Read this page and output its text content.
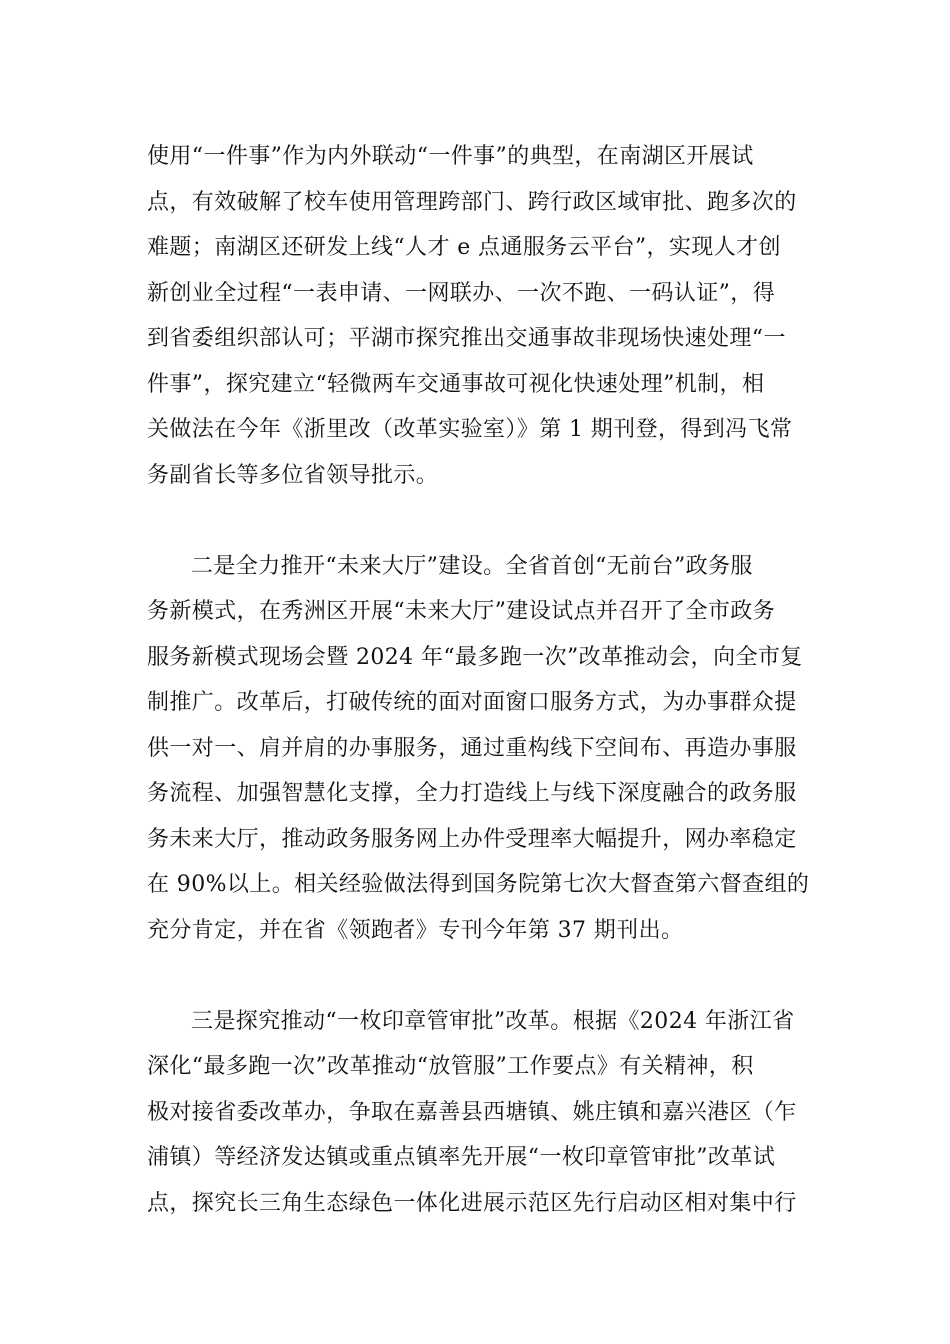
使用“一件事”作为内外联动“一件事”的典型，在南湖区开展试
点，有效破解了校车使用管理跨部门、跨行政区域审批、跑多次的
难题；南湖区还研发上线“人才 e 点通服务云平台”，实现人才创
新创业全过程“一表申请、一网联办、一次不跑、一码认证”，得
到省委组织部认可；平湖市探究推出交通事故非现场快速处理“一
件事”，探究建立“轻微两车交通事故可视化快速处理”机制，相
关做法在今年《浙里改（改革实验室）》第 1 期刊登，得到冯飞常
务副省长等多位省领导批示。
二是全力推开“未来大厅”建设。全省首创“无前台”政务服
务新模式，在秀洲区开展“未来大厅”建设试点并召开了全市政务
服务新模式现场会暨 2024 年“最多跑一次”改革推动会，向全市复
制推广。改革后，打破传统的面对面窗口服务方式，为办事群众提
供一对一、肩并肩的办事服务，通过重构线下空间布、再造办事服
务流程、加强智慧化支撑，全力打造线上与线下深度融合的政务服
务未来大厅，推动政务服务网上办件受理率大幅提升，网办率稳定
在 90%以上。相关经验做法得到国务院第七次大督查第六督查组的
充分肯定，并在省《领跑者》专刊今年第 37 期刊出。
三是探究推动“一枚印章管审批”改革。根据《2024 年浙江省
深化“最多跑一次”改革推动“放管服”工作要点》有关精神，积
极对接省委改革办，争取在嘉善县西塘镇、姚庄镇和嘉兴港区（乍
浦镇）等经济发达镇或重点镇率先开展“一枚印章管审批”改革试
点，探究长三角生态绿色一体化进展示范区先行启动区相对集中行
